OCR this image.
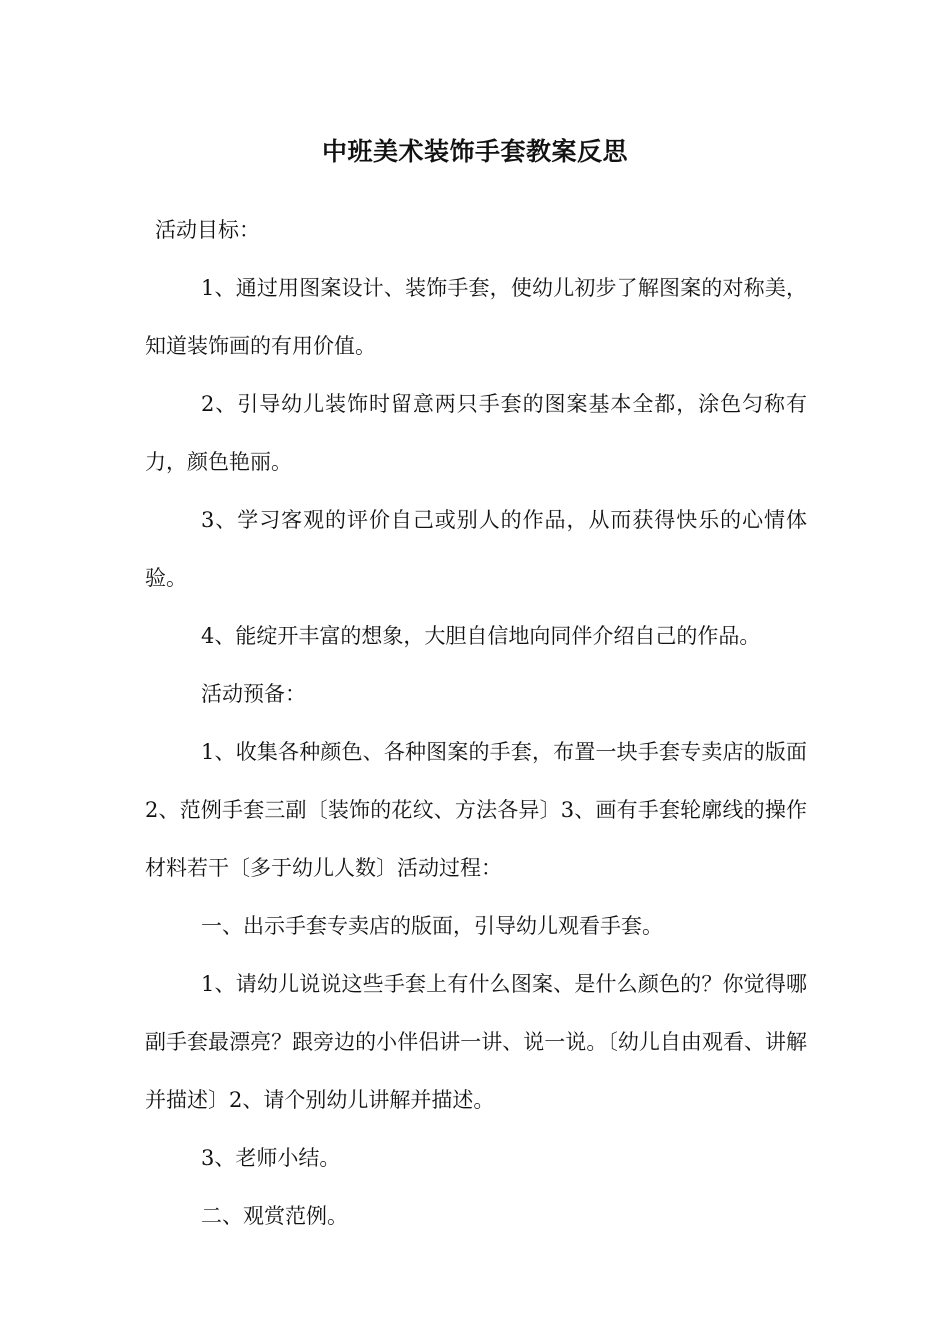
中班美术装饰手套教案反思

活动目标：

1、通过用图案设计、装饰手套，使幼儿初步了解图案的对称美，知道装饰画的有用价值。

2、引导幼儿装饰时留意两只手套的图案基本全都，涂色匀称有力，颜色艳丽。

3、学习客观的评价自己或别人的作品，从而获得快乐的心情体验。

4、能绽开丰富的想象，大胆自信地向同伴介绍自己的作品。

活动预备：

1、收集各种颜色、各种图案的手套，布置一块手套专卖店的版面 2、范例手套三副〔装饰的花纹、方法各异〕3、画有手套轮廓线的操作材料若干〔多于幼儿人数〕活动过程：

一、出示手套专卖店的版面，引导幼儿观看手套。

1、请幼儿说说这些手套上有什么图案、是什么颜色的？你觉得哪副手套最漂亮？跟旁边的小伴侣讲一讲、说一说。〔幼儿自由观看、讲解并描述〕2、请个别幼儿讲解并描述。

3、老师小结。

二、观赏范例。
